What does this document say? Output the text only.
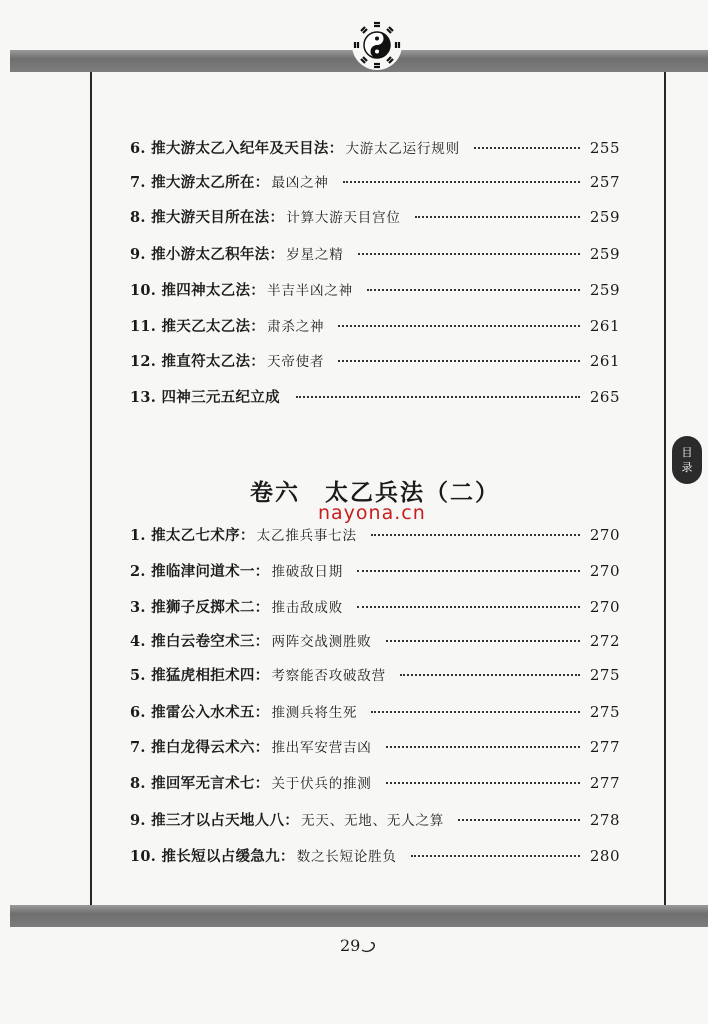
6. 推大游太乙入纪年及天目法： 大游太乙运行规则	255
7. 推大游太乙所在： 最凶之神	257
8. 推大游天目所在法： 计算大游天目宫位	259
9. 推小游太乙积年法： 岁星之精	259
10. 推四神太乙法： 半吉半凶之神	259
11. 推天乙太乙法： 肃杀之神	261
12. 推直符太乙法： 天帝使者	261
13. 四神三元五纪立成	265
卷六　太乙兵法（二）
nayona.cn
1. 推太乙七术序： 太乙推兵事七法	270
2. 推临津问道术一： 推破敌日期	270
3. 推狮子反掷术二： 推击敌成败	270
4. 推白云卷空术三： 两阵交战测胜败	272
5. 推猛虎相拒术四： 考察能否攻破敌营	275
6. 推雷公入水术五： 推测兵将生死	275
7. 推白龙得云术六： 推出军安营吉凶	277
8. 推回军无言术七： 关于伏兵的推测	277
9. 推三才以占天地人八： 无天、无地、无人之算	278
10. 推长短以占缓急九： 数之长短论胜负	280
目
录
29
